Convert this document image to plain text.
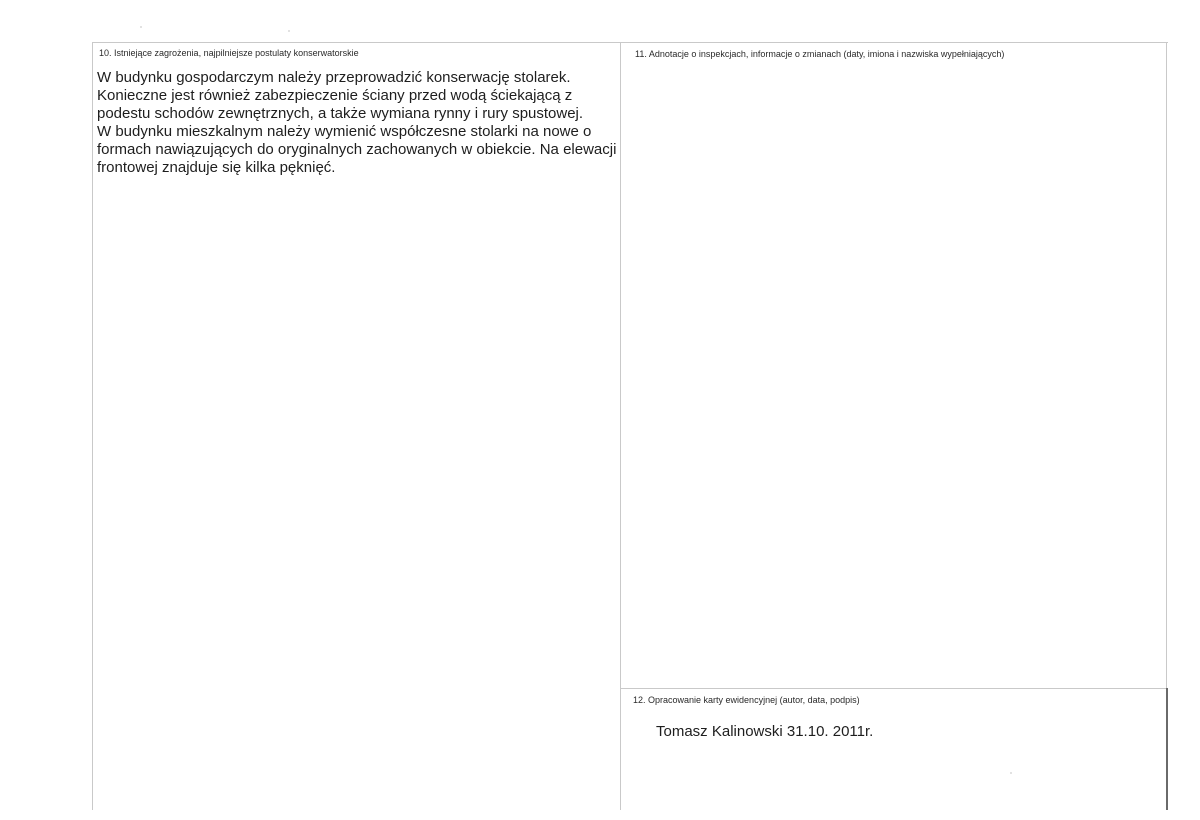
10. Istniejące zagrożenia, najpilniejsze postulaty konserwatorskie

W budynku gospodarczym należy przeprowadzić konserwację stolarek. Konieczne jest również zabezpieczenie ściany przed wodą ściekającą z podestu schodów zewnętrznych, a także wymiana rynny i rury spustowej.

W budynku mieszkalnym należy wymienić współczesne stolarki na nowe o formach nawiązujących do oryginalnych zachowanych w obiekcie. Na elewacji frontowej znajduje się kilka pęknięć.

11. Adnotacje o inspekcjach, informacje o zmianach (daty, imiona i nazwiska wypełniających)
12. Opracowanie karty ewidencyjnej (autor, data, podpis)
Tomasz Kalinowski 31.10. 2011r.
